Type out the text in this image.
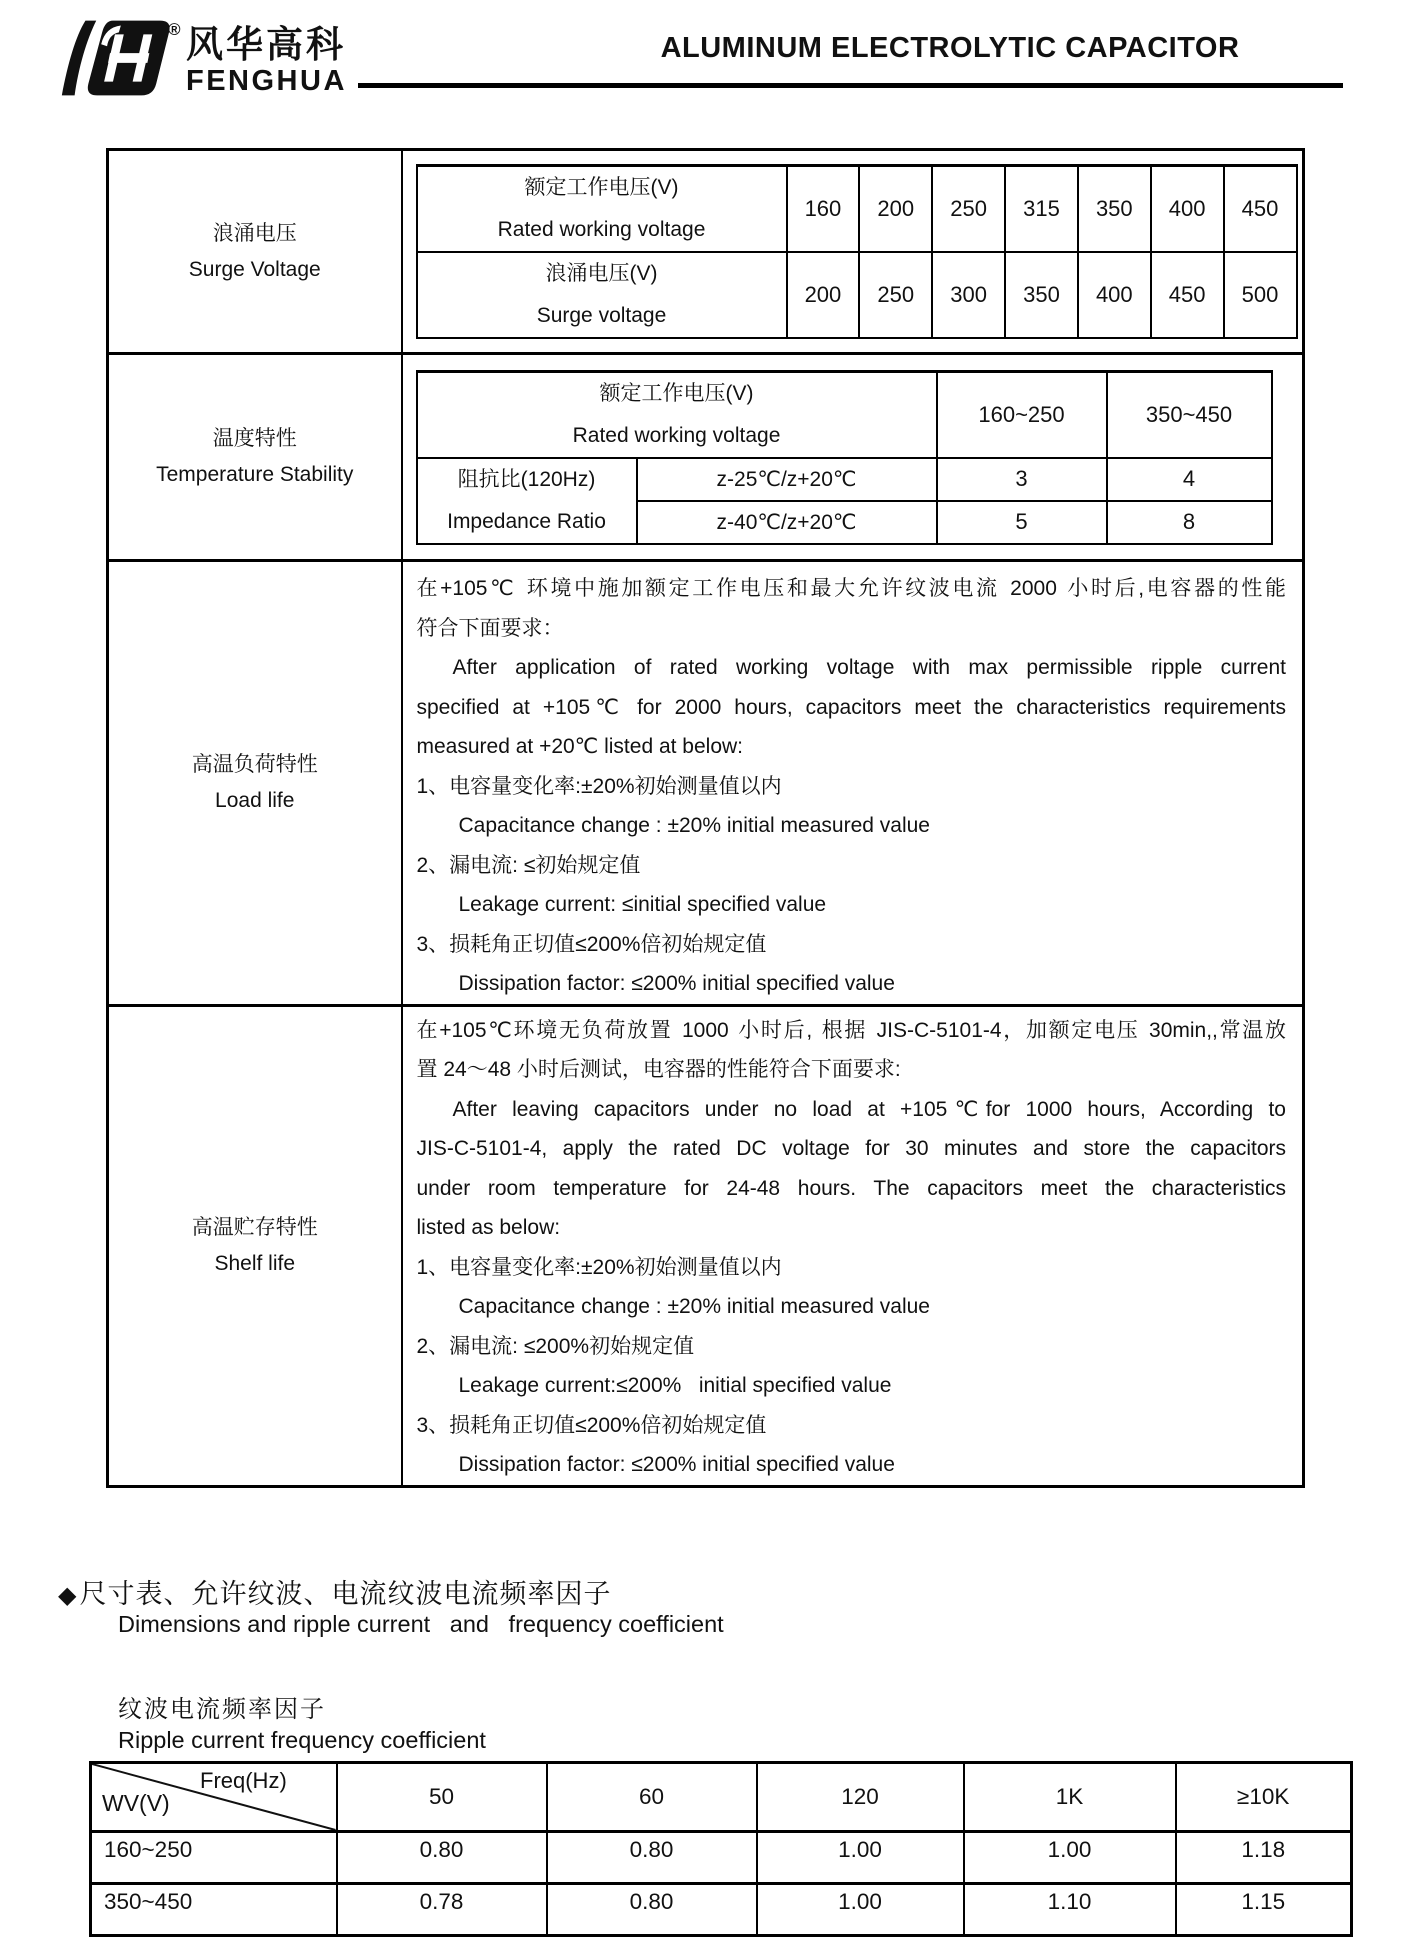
风华高科
FENGHUA
®
ALUMINUM ELECTROLYTIC CAPACITOR
浪涌电压
Surge Voltage

额定工作电压(V)
Rated working voltage
	160	200	250	315	350	400	450

浪涌电压(V)
Surge voltage
	200	250	300	350	400	450	500

温度特性
Temperature Stability

额定工作电压(V)
Rated working voltage
	160~250	350~450

阻抗比(120Hz)
Impedance Ratio
	z-25℃/z+20℃	3	4
z-40℃/z+20℃	5	8

高温负荷特性
Load life

在+105℃ 环境中施加额定工作电压和最大允许纹波电流 2000 小时后,电容器的性能
符合下面要求：
After application of rated working voltage with max permissible ripple current
specified at +105℃ for 2000 hours, capacitors meet the characteristics requirements
measured at +20℃ listed at below:
1、电容量变化率:±20%初始测量值以内
Capacitance change : ±20% initial measured value
2、漏电流: ≤初始规定值
Leakage current: ≤initial specified value
3、损耗角正切值≤200%倍初始规定值
Dissipation factor: ≤200% initial specified value

高温贮存特性
Shelf life

在+105℃环境无负荷放置 1000 小时后, 根据 JIS-C-5101-4，加额定电压 30min,,常温放
置 24～48 小时后测试，电容器的性能符合下面要求:
After leaving capacitors under no load at +105℃for 1000 hours, According to
JIS-C-5101-4, apply the rated DC voltage for 30 minutes and store the capacitors
under room temperature for 24-48 hours. The capacitors meet the characteristics
listed as below:
1、电容量变化率:±20%初始测量值以内
Capacitance change : ±20% initial measured value
2、漏电流: ≤200%初始规定值
Leakage current:≤200%   initial specified value
3、损耗角正切值≤200%倍初始规定值
Dissipation factor: ≤200% initial specified value
◆尺寸表、允许纹波、电流纹波电流频率因子
Dimensions and ripple current   and   frequency coefficient
纹波电流频率因子
Ripple current frequency coefficient
Freq(Hz)
WV(V)	50	60	120	1K	≥10K
160~250	0.80	0.80	1.00	1.00	1.18
350~450	0.78	0.80	1.00	1.10	1.15
